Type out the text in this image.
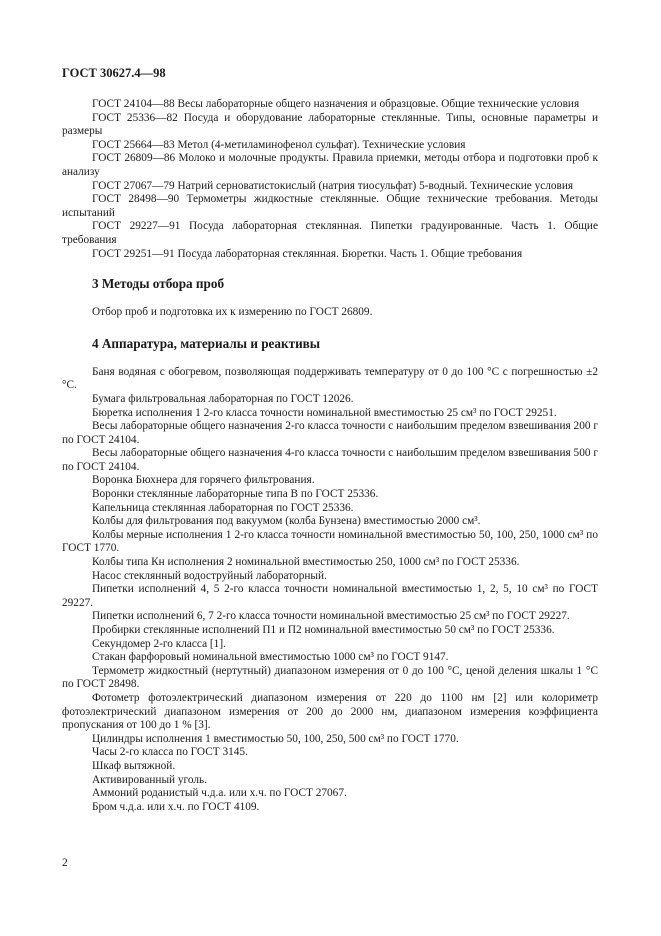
ГОСТ 30627.4—98

ГОСТ 24104—88 Весы лабораторные общего назначения и образцовые. Общие технические условия

ГОСТ 25336—82 Посуда и оборудование лабораторные стеклянные. Типы, основные параметры и размеры

ГОСТ 25664—83 Метол (4-метиламинофенол сульфат). Технические условия

ГОСТ 26809—86 Молоко и молочные продукты. Правила приемки, методы отбора и подготовки проб к анализу

ГОСТ 27067—79 Натрий серноватистокислый (натрия тиосульфат) 5-водный. Технические условия

ГОСТ 28498—90 Термометры жидкостные стеклянные. Общие технические требования. Методы испытаний

ГОСТ 29227—91 Посуда лабораторная стеклянная. Пипетки градуированные. Часть 1. Общие требования

ГОСТ 29251—91 Посуда лабораторная стеклянная. Бюретки. Часть 1. Общие требования

3 Методы отбора проб

Отбор проб и подготовка их к измерению по ГОСТ 26809.

4 Аппаратура, материалы и реактивы

Баня водяная с обогревом, позволяющая поддерживать температуру от 0 до 100 °С с погрешностью ±2 °С.

Бумага фильтровальная лабораторная по ГОСТ 12026.

Бюретка исполнения 1 2-го класса точности номинальной вместимостью 25 см³ по ГОСТ 29251.

Весы лабораторные общего назначения 2-го класса точности с наибольшим пределом взвешивания 200 г по ГОСТ 24104.

Весы лабораторные общего назначения 4-го класса точности с наибольшим пределом взвешивания 500 г по ГОСТ 24104.

Воронка Бюхнера для горячего фильтрования.

Воронки стеклянные лабораторные типа В по ГОСТ 25336.

Капельница стеклянная лабораторная по ГОСТ 25336.

Колбы для фильтрования под вакуумом (колба Бунзена) вместимостью 2000 см³.

Колбы мерные исполнения 1 2-го класса точности номинальной вместимостью 50, 100, 250, 1000 см³ по ГОСТ 1770.

Колбы типа Кн исполнения 2 номинальной вместимостью 250, 1000 см³ по ГОСТ 25336.

Насос стеклянный водоструйный лабораторный.

Пипетки исполнений 4, 5 2-го класса точности номинальной вместимостью 1, 2, 5, 10 см³ по ГОСТ 29227.

Пипетки исполнений 6, 7 2-го класса точности номинальной вместимостью 25 см³ по ГОСТ 29227.

Пробирки стеклянные исполнений П1 и П2 номинальной вместимостью 50 см³ по ГОСТ 25336.

Секундомер 2-го класса [1].

Стакан фарфоровый номинальной вместимостью 1000 см³ по ГОСТ 9147.

Термометр жидкостный (нертутный) диапазоном измерения от 0 до 100 °С, ценой деления шкалы 1 °С по ГОСТ 28498.

Фотометр фотоэлектрический диапазоном измерения от 220 до 1100 нм [2] или колориметр фотоэлектрический диапазоном измерения от 200 до 2000 нм, диапазоном измерения коэффициента пропускания от 100 до 1 % [3].

Цилиндры исполнения 1 вместимостью 50, 100, 250, 500 см³ по ГОСТ 1770.

Часы 2-го класса по ГОСТ 3145.

Шкаф вытяжной.

Активированный уголь.

Аммоний роданистый ч.д.а. или х.ч. по ГОСТ 27067.

Бром ч.д.а. или х.ч. по ГОСТ 4109.

2
